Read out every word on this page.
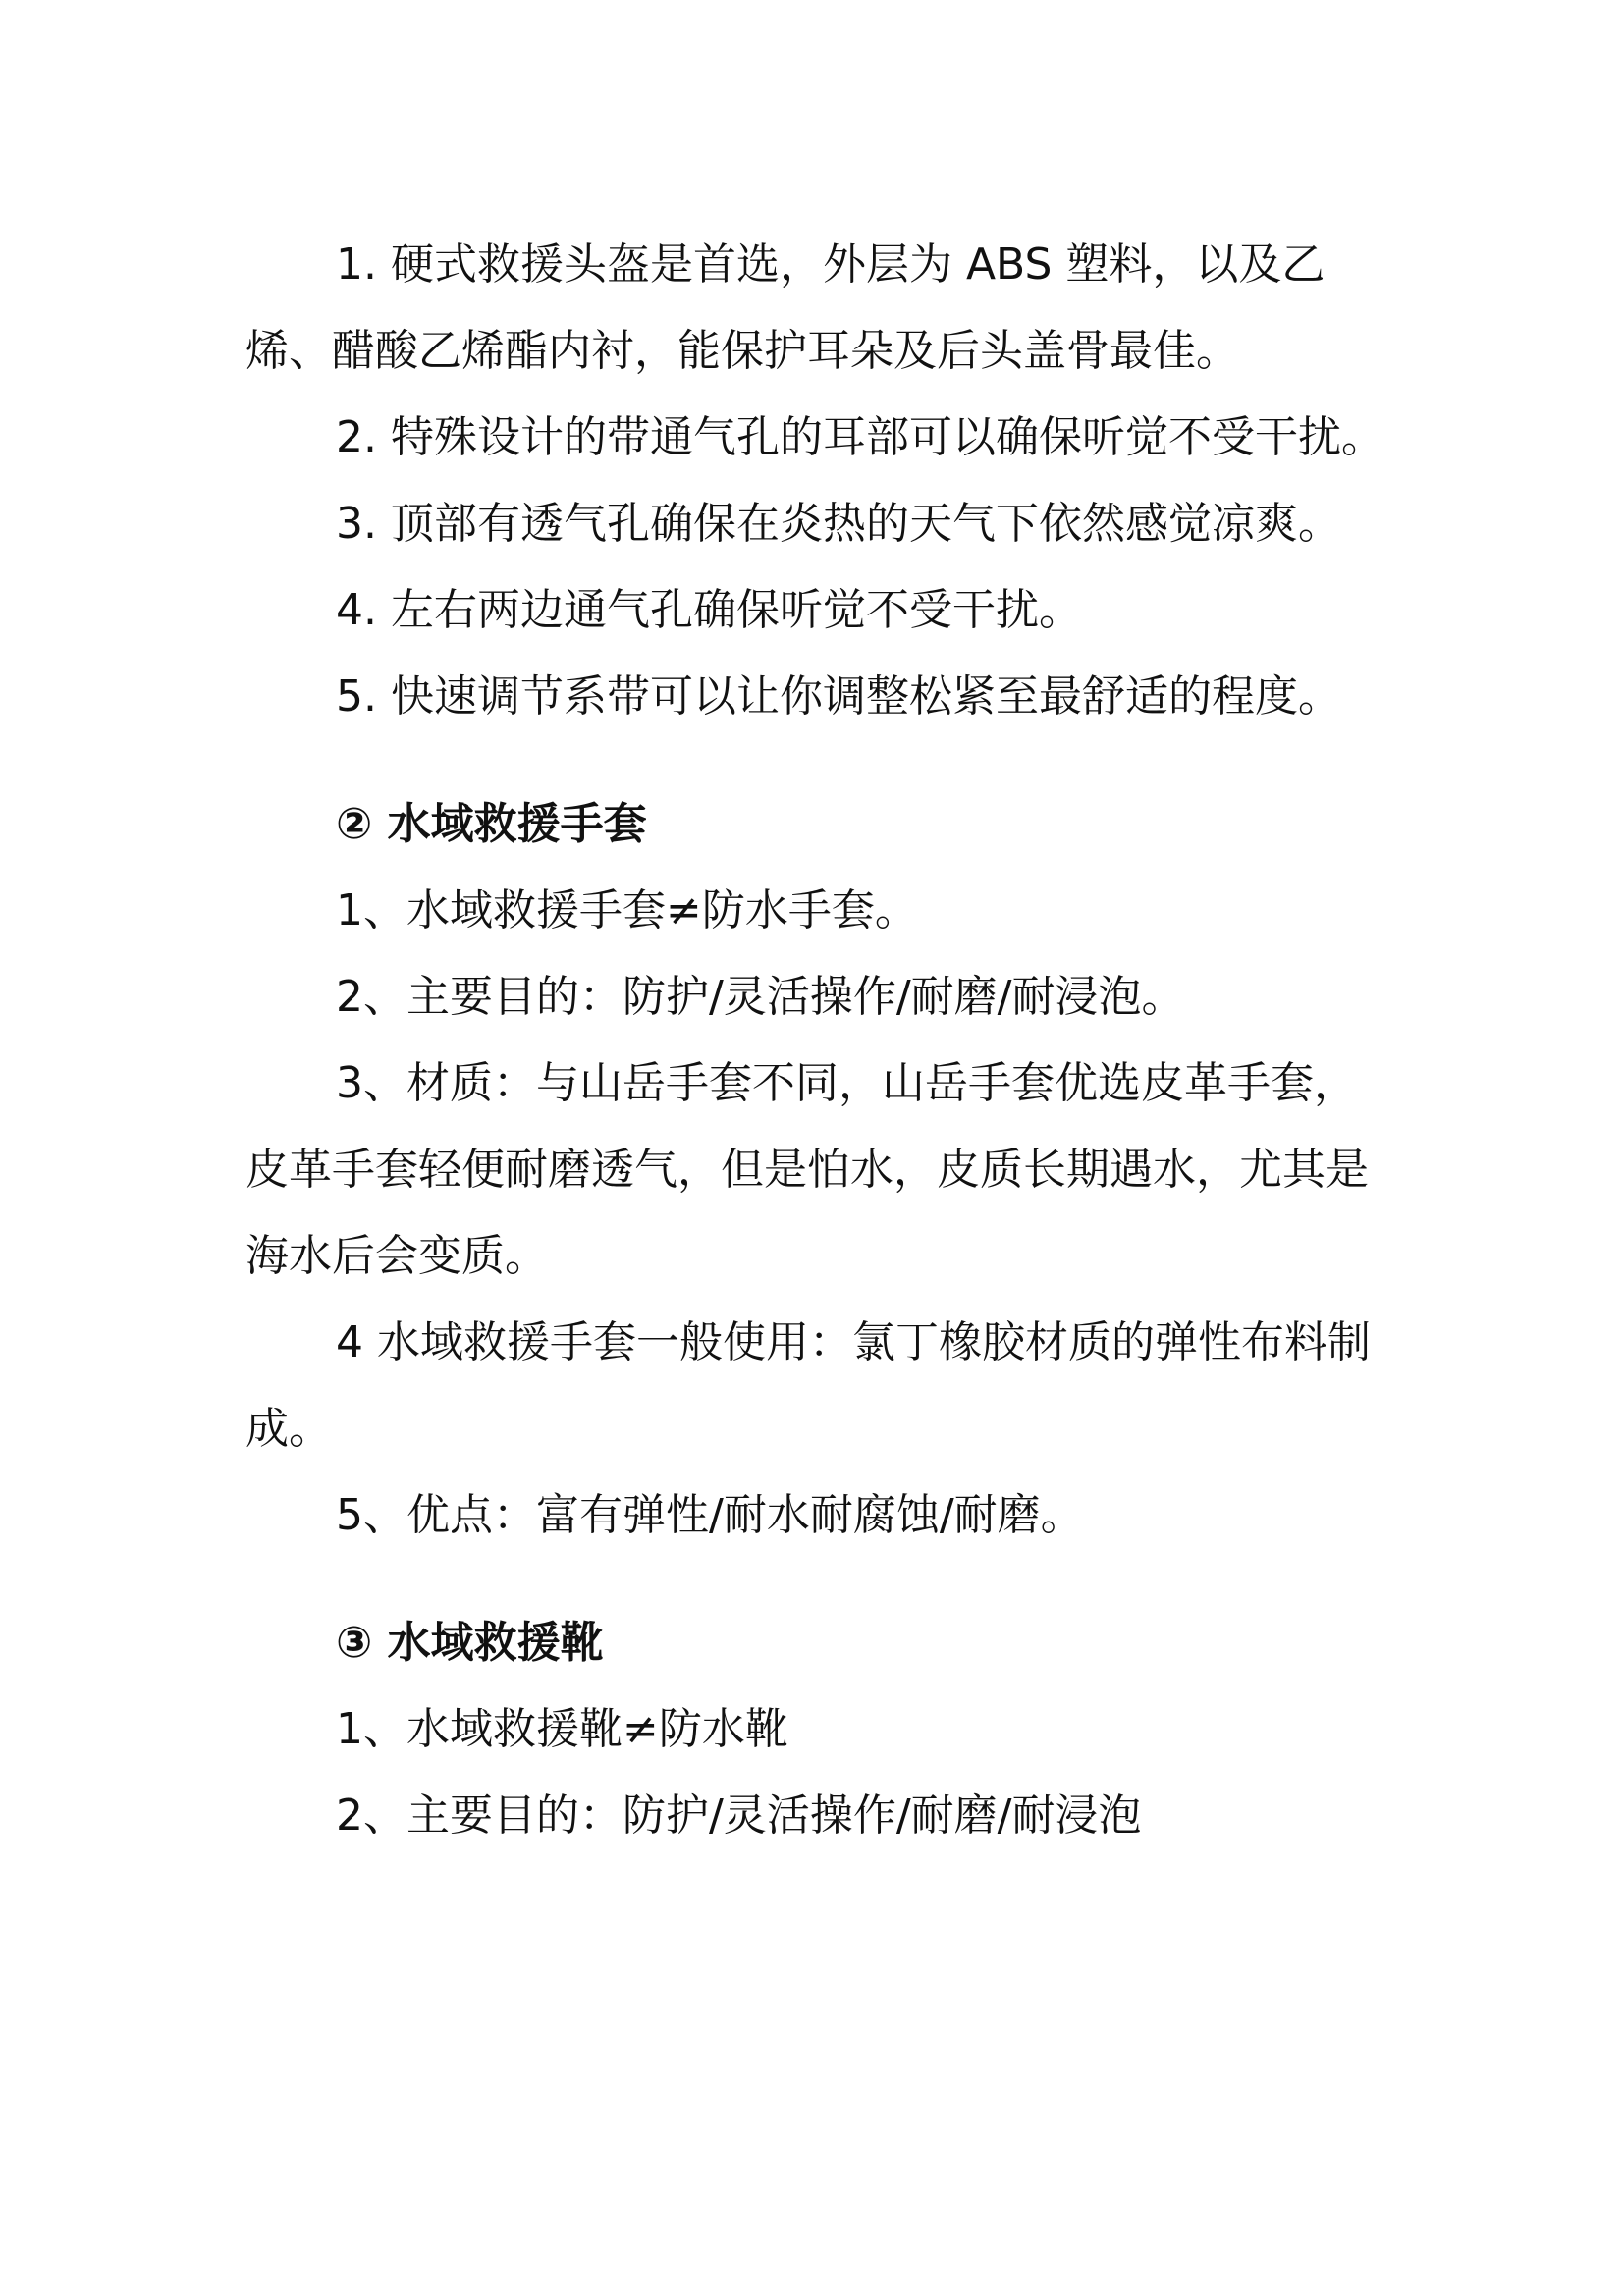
1. 硬式救援头盔是首选，外层为 ABS 塑料，以及乙烯、醋酸乙烯酯内衬，能保护耳朵及后头盖骨最佳。

2. 特殊设计的带通气孔的耳部可以确保听觉不受干扰。

3. 顶部有透气孔确保在炎热的天气下依然感觉凉爽。

4. 左右两边通气孔确保听觉不受干扰。

5. 快速调节系带可以让你调整松紧至最舒适的程度。

② 水域救援手套

1、水域救援手套≠防水手套。

2、主要目的：防护/灵活操作/耐磨/耐浸泡。

3、材质：与山岳手套不同，山岳手套优选皮革手套，皮革手套轻便耐磨透气，但是怕水，皮质长期遇水，尤其是海水后会变质。

4 水域救援手套一般使用：氯丁橡胶材质的弹性布料制成。

5、优点：富有弹性/耐水耐腐蚀/耐磨。

③ 水域救援靴

1、水域救援靴≠防水靴

2、主要目的：防护/灵活操作/耐磨/耐浸泡
